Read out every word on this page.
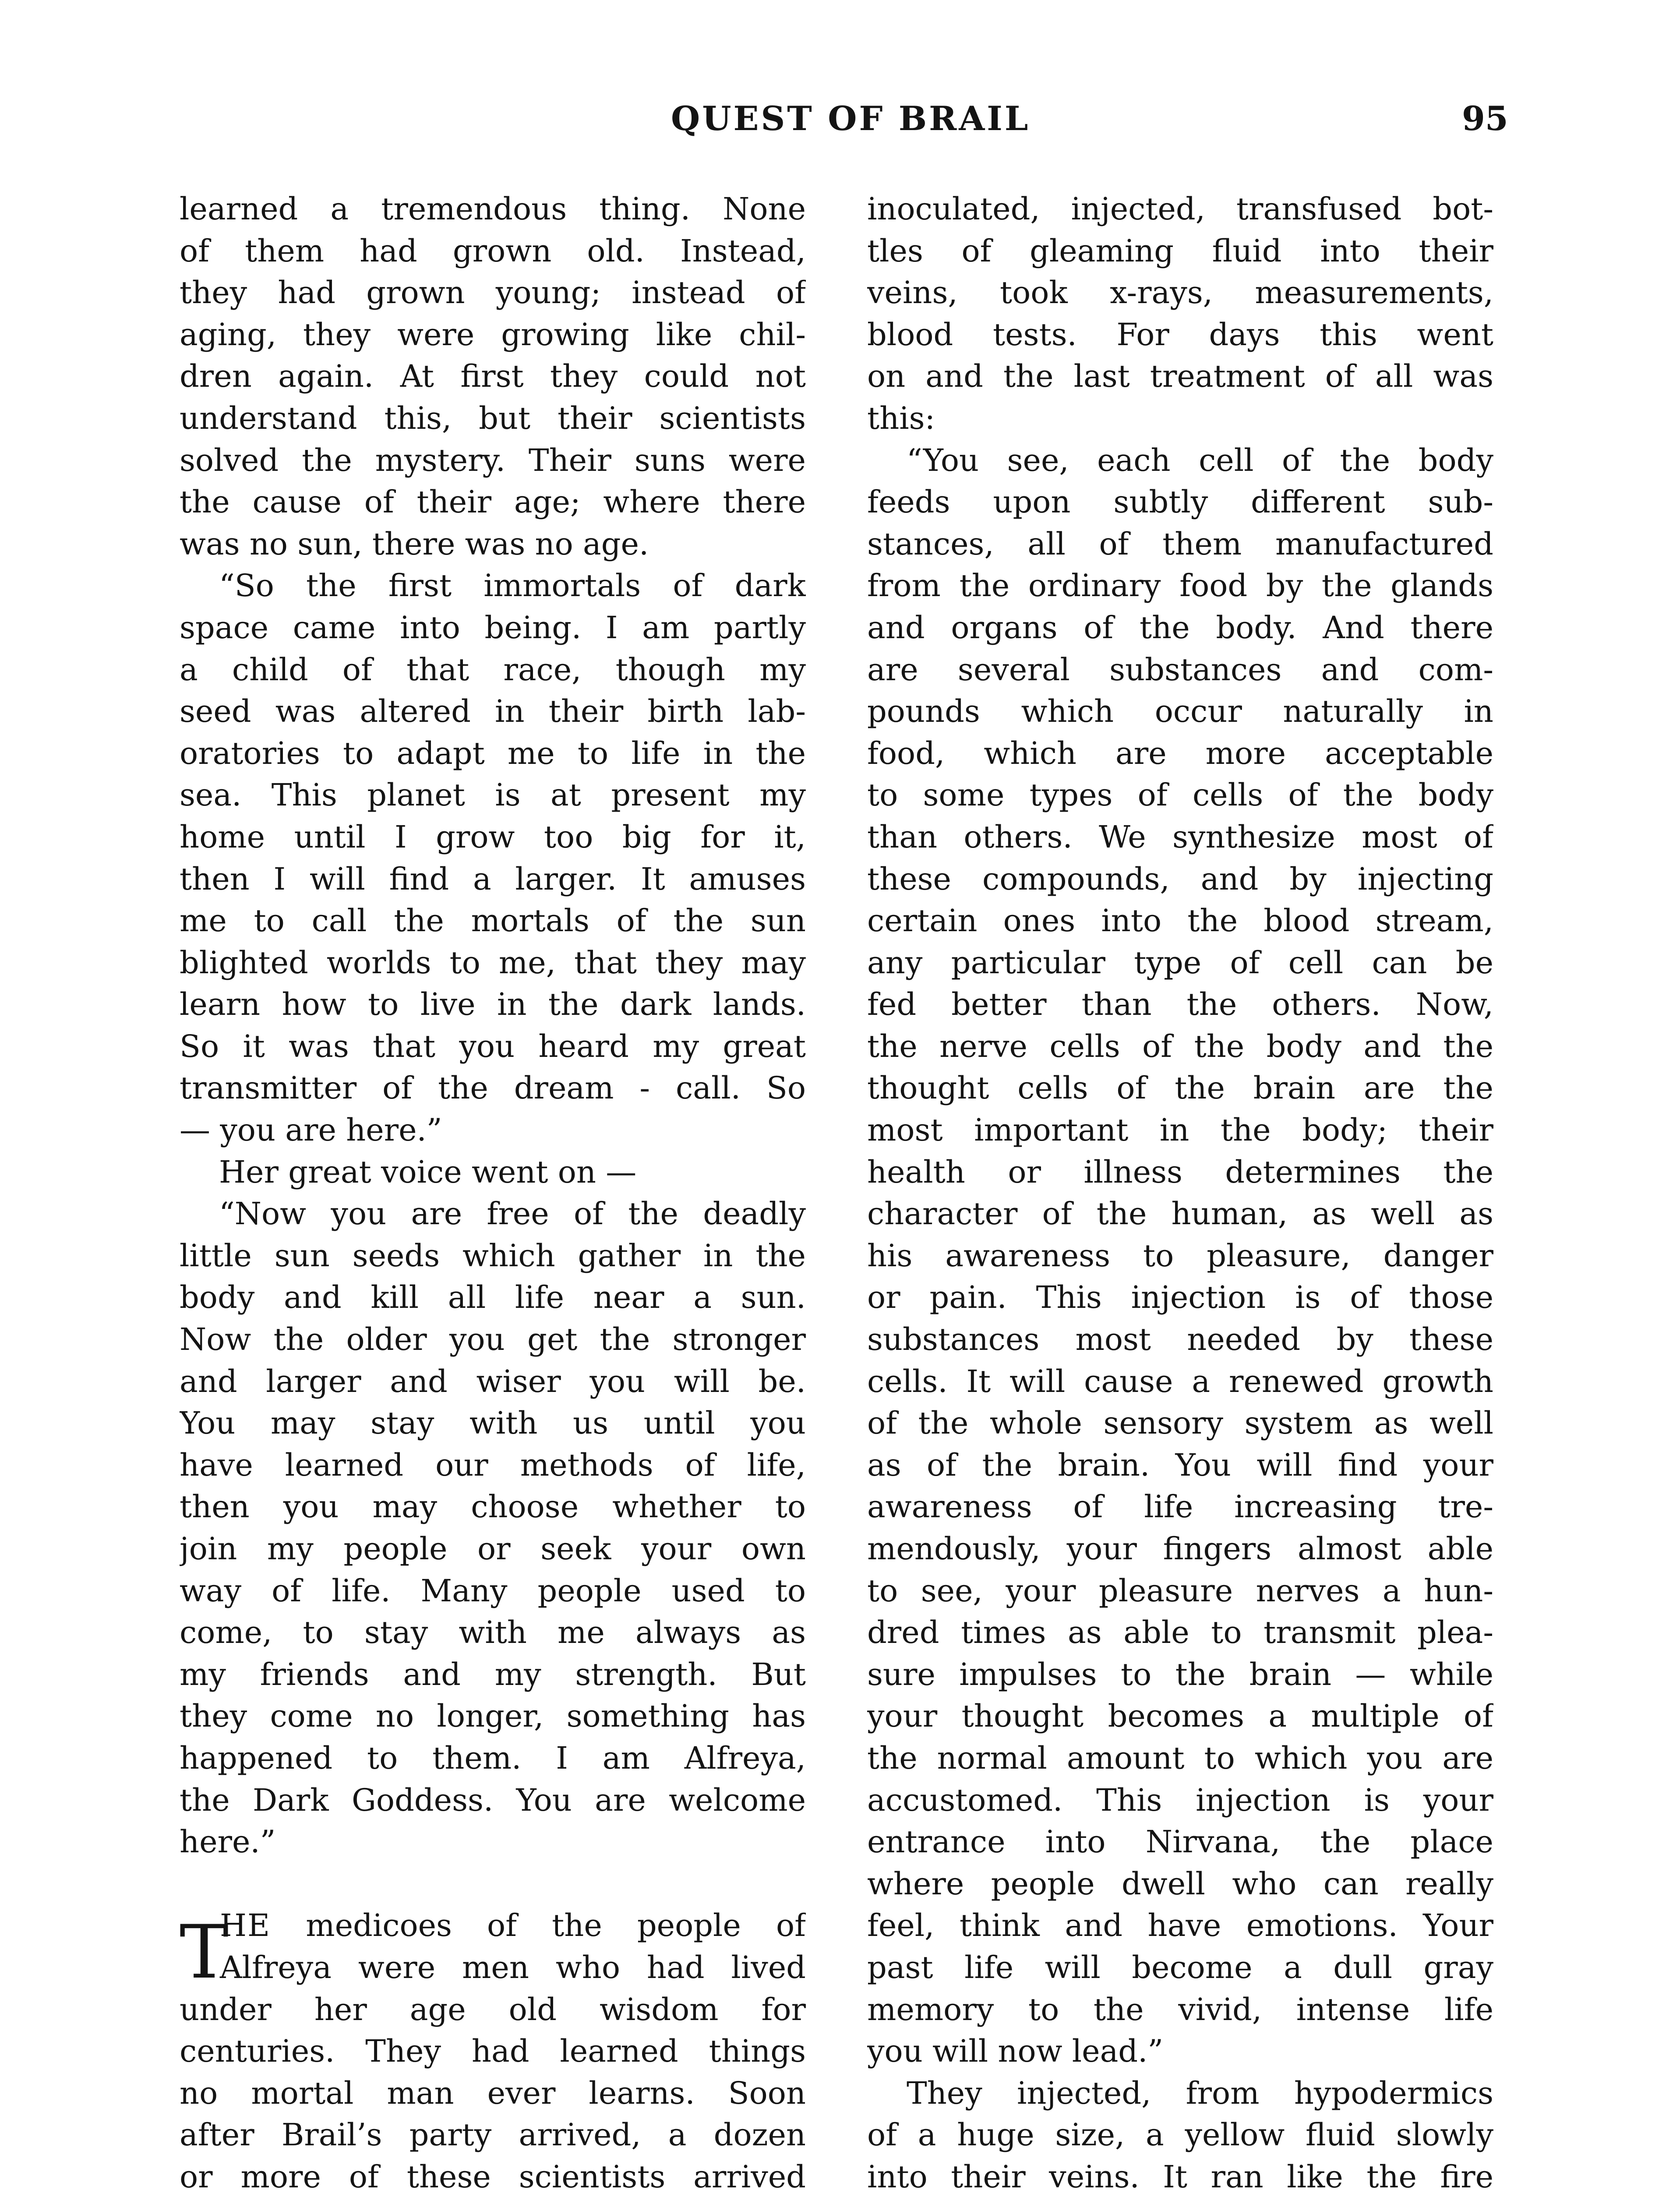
QUEST OF BRAIL	95
learned a tremendous thing. None
of them had grown old. Instead,
they had grown young; instead of
aging, they were growing like chil-
dren again. At first they could not
understand this, but their scientists
solved the mystery. Their suns were
the cause of their age; where there
was no sun, there was no age.
“So the first immortals of dark
space came into being. I am partly
a child of that race, though my
seed was altered in their birth lab-
oratories to adapt me to life in the
sea. This planet is at present my
home until I grow too big for it,
then I will find a larger. It amuses
me to call the mortals of the sun
blighted worlds to me, that they may
learn how to live in the dark lands.
So it was that you heard my great
transmitter of the dream - call. So
— you are here.”
Her great voice went on —
“Now you are free of the deadly
little sun seeds which gather in the
body and kill all life near a sun.
Now the older you get the stronger
and larger and wiser you will be.
You may stay with us until you
have learned our methods of life,
then you may choose whether to
join my people or seek your own
way of life. Many people used to
come, to stay with me always as
my friends and my strength. But
they come no longer, something has
happened to them. I am Alfreya,
the Dark Goddess. You are welcome
here.”
T
HE medicoes of the people of
Alfreya were men who had lived
under her age old wisdom for
centuries. They had learned things
no mortal man ever learns. Soon
after Brail’s party arrived, a dozen
or more of these scientists arrived
inoculated, injected, transfused bot-
tles of gleaming fluid into their
veins, took x-rays, measurements,
blood tests. For days this went
on and the last treatment of all was
this:
“You see, each cell of the body
feeds upon subtly different sub-
stances, all of them manufactured
from the ordinary food by the glands
and organs of the body. And there
are several substances and com-
pounds which occur naturally in
food, which are more acceptable
to some types of cells of the body
than others. We synthesize most of
these compounds, and by injecting
certain ones into the blood stream,
any particular type of cell can be
fed better than the others. Now,
the nerve cells of the body and the
thought cells of the brain are the
most important in the body; their
health or illness determines the
character of the human, as well as
his awareness to pleasure, danger
or pain. This injection is of those
substances most needed by these
cells. It will cause a renewed growth
of the whole sensory system as well
as of the brain. You will find your
awareness of life increasing tre-
mendously, your fingers almost able
to see, your pleasure nerves a hun-
dred times as able to transmit plea-
sure impulses to the brain — while
your thought becomes a multiple of
the normal amount to which you are
accustomed. This injection is your
entrance into Nirvana, the place
where people dwell who can really
feel, think and have emotions. Your
past life will become a dull gray
memory to the vivid, intense life
you will now lead.”
They injected, from hypodermics
of a huge size, a yellow fluid slowly
into their veins. It ran like the fire
